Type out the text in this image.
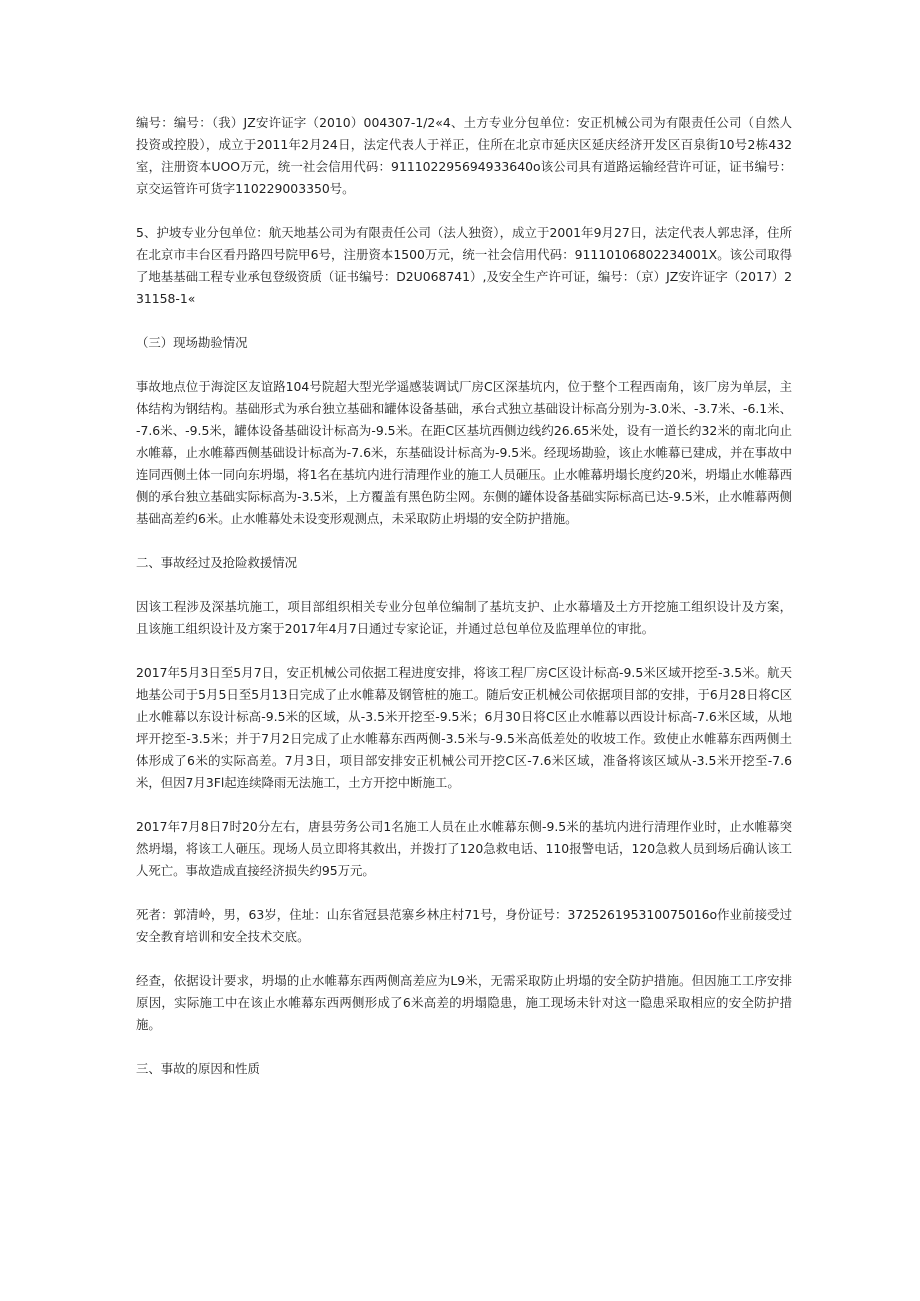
编号：编号：（我）JZ安许证字（2010）004307-1/2«4、土方专业分包单位：安正机械公司为有限责任公司（自然人投资或控股），成立于2011年2月24日，法定代表人于祥正，住所在北京市延庆区延庆经济开发区百泉街10号2栋432室，注册资本UOO万元，统一社会信用代码：911102295694933640o该公司具有道路运输经营许可证，证书编号：京交运管许可货字110229003350号。

5、护坡专业分包单位：航天地基公司为有限责任公司（法人独资），成立于2001年9月27日，法定代表人郭忠泽，住所在北京市丰台区看丹路四号院甲6号，注册资本1500万元，统一社会信用代码：91110106802234001X。该公司取得了地基基础工程专业承包登级资质（证书编号：D2U068741）,及安全生产许可证，编号：（京）JZ安许证字（2017）231158-1«

（三）现场勘验情况

事故地点位于海淀区友谊路104号院超大型光学遥感装调试厂房C区深基坑内，位于整个工程西南角，该厂房为单层，主体结构为钢结构。基础形式为承台独立基础和罐体设备基础，承台式独立基础设计标高分别为-3.0米、-3.7米、-6.1米、-7.6米、-9.5米，罐体设备基础设计标高为-9.5米。在距C区基坑西侧边线约26.65米处，设有一道长约32米的南北向止水帷幕，止水帷幕西侧基础设计标高为-7.6米，东基础设计标高为-9.5米。经现场勘验，该止水帷幕已建成，并在事故中连同西侧土体一同向东坍塌，将1名在基坑内进行清理作业的施工人员砸压。止水帷幕坍塌长度约20米，坍塌止水帷幕西侧的承台独立基础实际标高为-3.5米，上方覆盖有黑色防尘网。东侧的罐体设备基础实际标高已达-9.5米，止水帷幕两侧基础高差约6米。止水帷幕处未设变形观测点，未采取防止坍塌的安全防护措施。

二、事故经过及抢险救援情况

因该工程涉及深基坑施工，项目部组织相关专业分包单位编制了基坑支护、止水幕墙及土方开挖施工组织设计及方案，且该施工组织设计及方案于2017年4月7日通过专家论证，并通过总包单位及监理单位的审批。

2017年5月3日至5月7日，安正机械公司依据工程进度安排，将该工程厂房C区设计标高-9.5米区域开挖至-3.5米。航天地基公司于5月5日至5月13日完成了止水帷幕及钢管桩的施工。随后安正机械公司依据项目部的安排，于6月28日将C区止水帷幕以东设计标高-9.5米的区域，从-3.5米开挖至-9.5米；6月30日将C区止水帷幕以西设计标高-7.6米区域，从地坪开挖至-3.5米；并于7月2日完成了止水帷幕东西两侧-3.5米与-9.5米高低差处的收坡工作。致使止水帷幕东西两侧土体形成了6米的实际高差。7月3日，项目部安排安正机械公司开挖C区-7.6米区域，准备将该区域从-3.5米开挖至-7.6米，但因7月3Fl起连续降雨无法施工，土方开挖中断施工。

2017年7月8日7时20分左右，唐县劳务公司1名施工人员在止水帷幕东侧-9.5米的基坑内进行清理作业时，止水帷幕突然坍塌，将该工人砸压。现场人员立即将其救出，并拨打了120急救电话、110报警电话，120急救人员到场后确认该工人死亡。事故造成直接经济损失约95万元。

死者：郭清岭，男，63岁，住址：山东省冠县范寨乡林庄村71号，身份证号：372526195310075016o作业前接受过安全教育培训和安全技术交底。

经查，依据设计要求，坍塌的止水帷幕东西两侧高差应为L9米，无需采取防止坍塌的安全防护措施。但因施工工序安排原因，实际施工中在该止水帷幕东西两侧形成了6米高差的坍塌隐患，施工现场未针对这一隐患采取相应的安全防护措施。

三、事故的原因和性质
